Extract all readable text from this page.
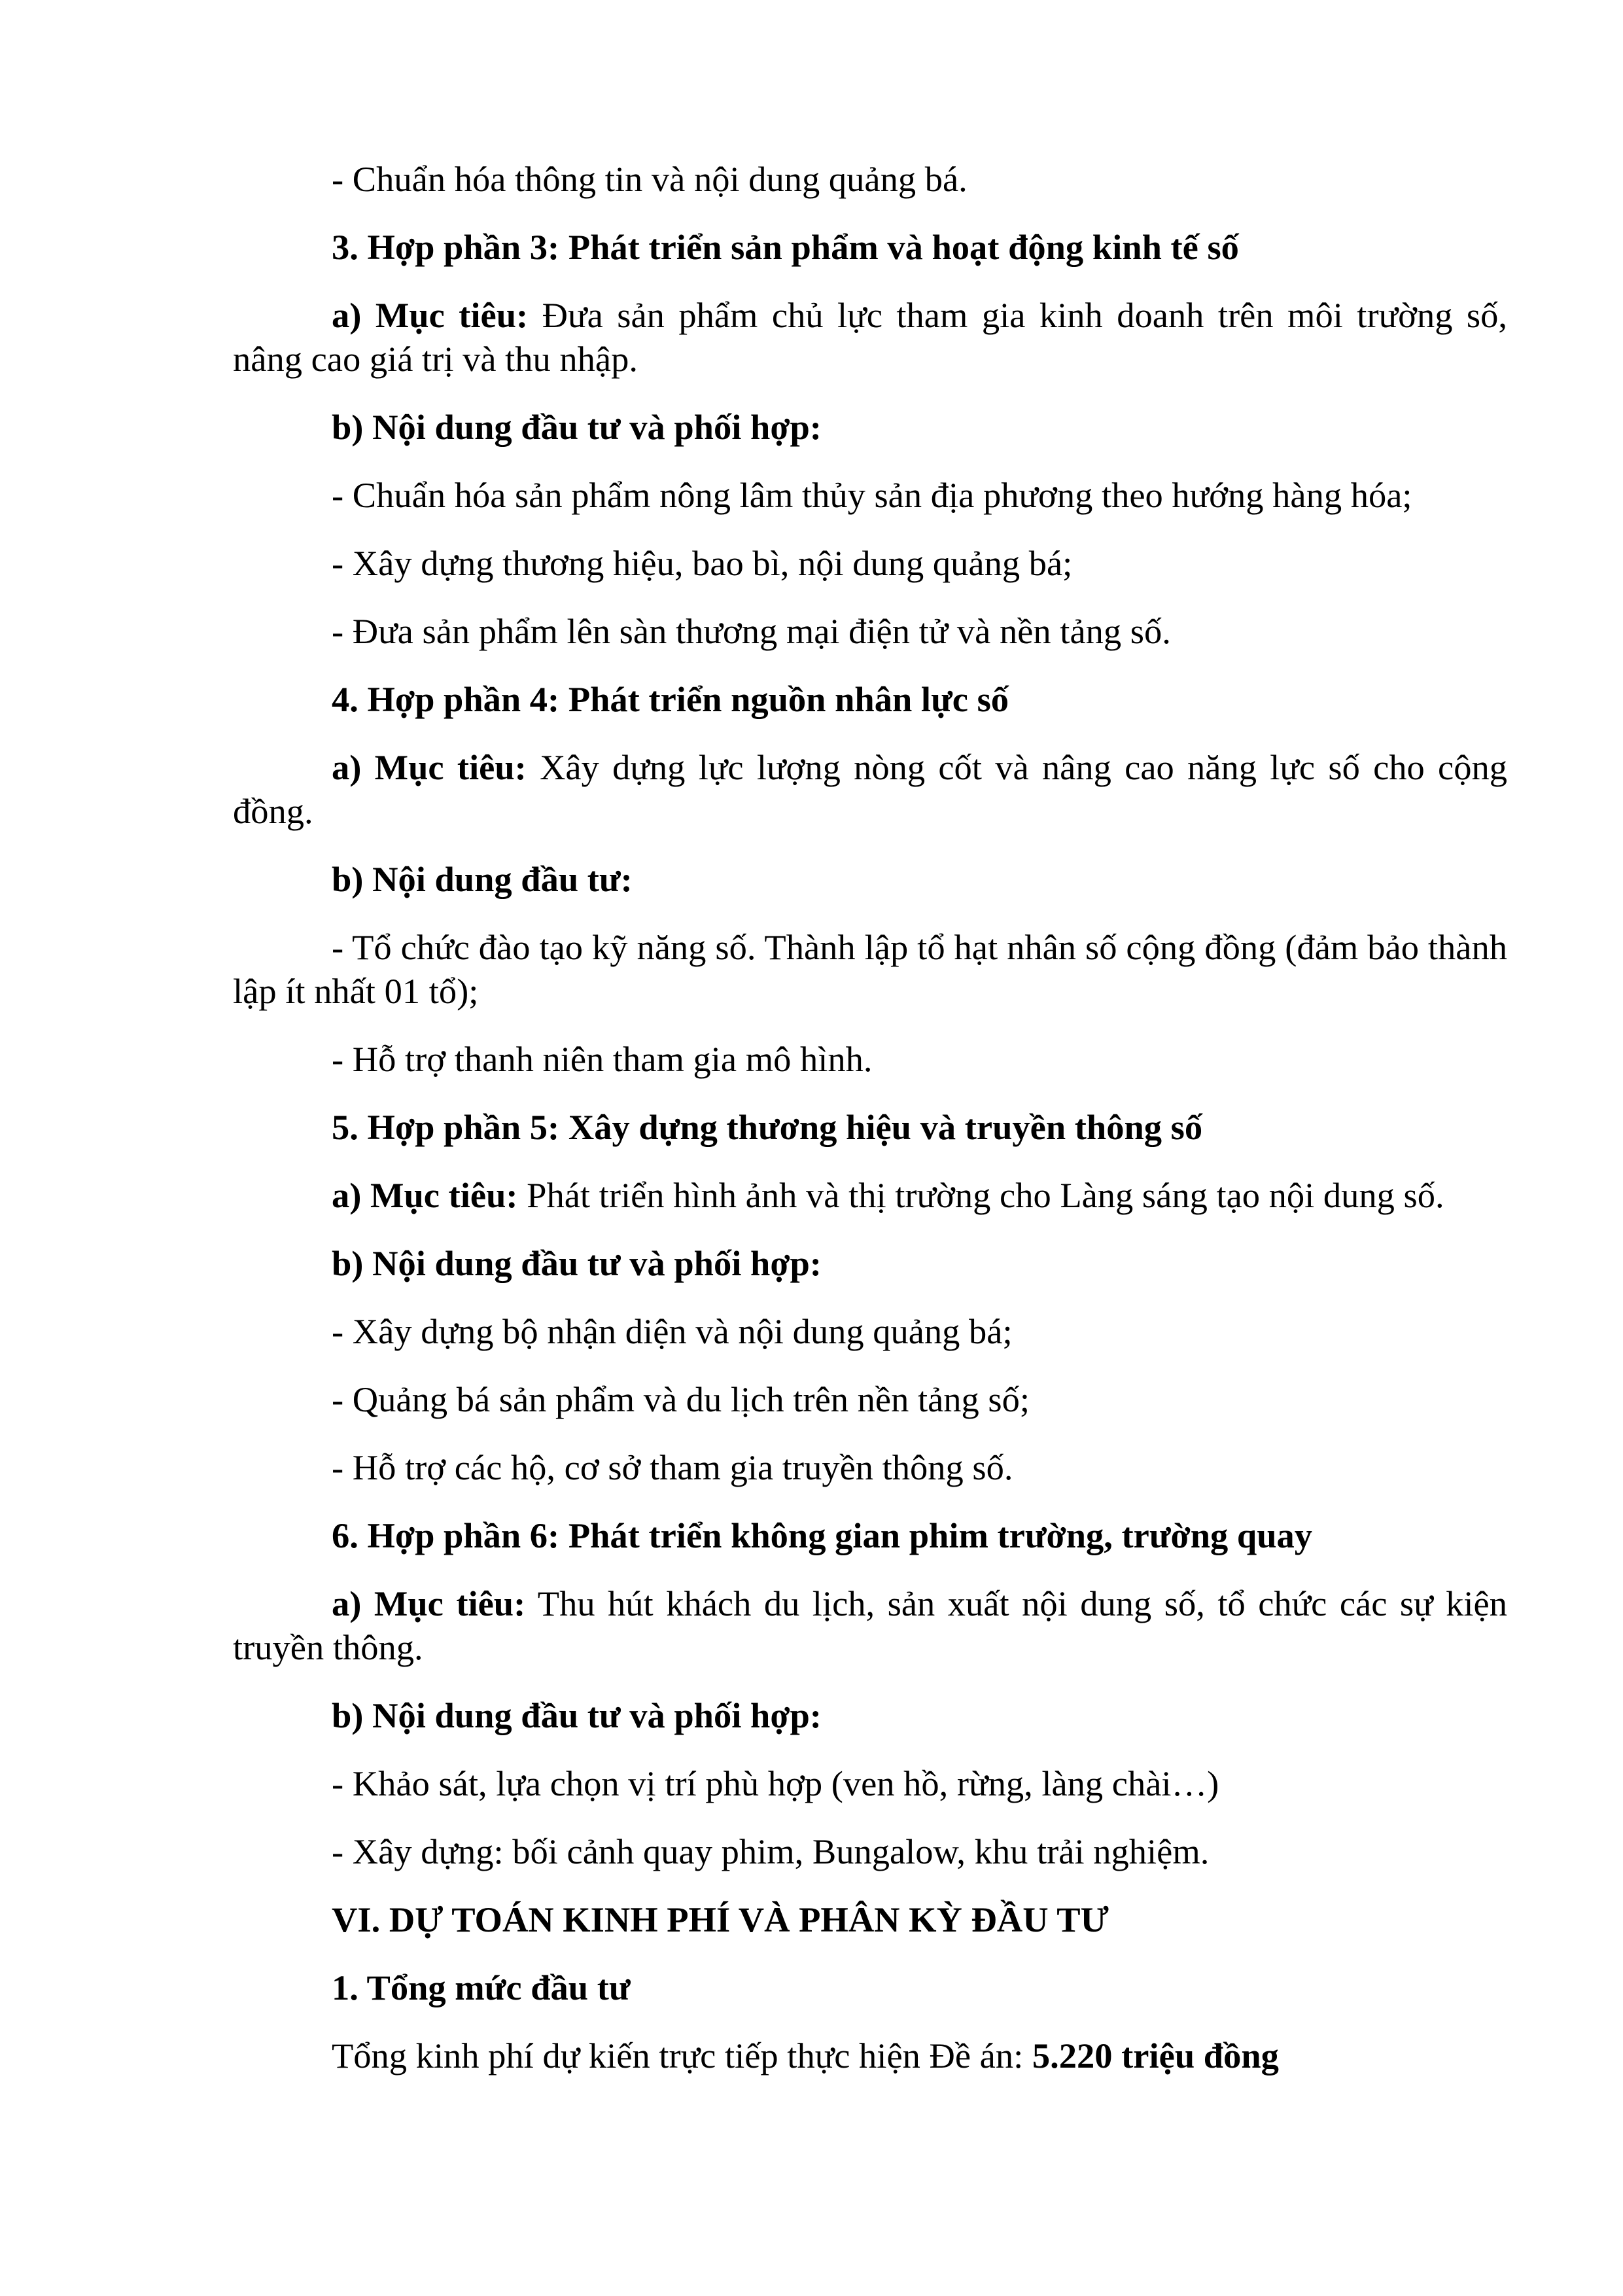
- Chuẩn hóa thông tin và nội dung quảng bá.

3. Hợp phần 3: Phát triển sản phẩm và hoạt động kinh tế số

a) Mục tiêu: Đưa sản phẩm chủ lực tham gia kinh doanh trên môi trường số, nâng cao giá trị và thu nhập.

b) Nội dung đầu tư và phối hợp:

- Chuẩn hóa sản phẩm nông lâm thủy sản địa phương theo hướng hàng hóa;

- Xây dựng thương hiệu, bao bì, nội dung quảng bá;

- Đưa sản phẩm lên sàn thương mại điện tử và nền tảng số.

4. Hợp phần 4: Phát triển nguồn nhân lực số

a) Mục tiêu: Xây dựng lực lượng nòng cốt và nâng cao năng lực số cho cộng đồng.

b) Nội dung đầu tư:

- Tổ chức đào tạo kỹ năng số. Thành lập tổ hạt nhân số cộng đồng (đảm bảo thành lập ít nhất 01 tổ);

- Hỗ trợ thanh niên tham gia mô hình.

5. Hợp phần 5: Xây dựng thương hiệu và truyền thông số

a) Mục tiêu: Phát triển hình ảnh và thị trường cho Làng sáng tạo nội dung số.

b) Nội dung đầu tư và phối hợp:

- Xây dựng bộ nhận diện và nội dung quảng bá;

- Quảng bá sản phẩm và du lịch trên nền tảng số;

- Hỗ trợ các hộ, cơ sở tham gia truyền thông số.

6. Hợp phần 6: Phát triển không gian phim trường, trường quay

a) Mục tiêu: Thu hút khách du lịch, sản xuất nội dung số, tổ chức các sự kiện truyền thông.

b) Nội dung đầu tư và phối hợp:

- Khảo sát, lựa chọn vị trí phù hợp (ven hồ, rừng, làng chài…)

- Xây dựng: bối cảnh quay phim, Bungalow, khu trải nghiệm.

VI. DỰ TOÁN KINH PHÍ VÀ PHÂN KỲ ĐẦU TƯ

1. Tổng mức đầu tư

Tổng kinh phí dự kiến trực tiếp thực hiện Đề án: 5.220 triệu đồng
